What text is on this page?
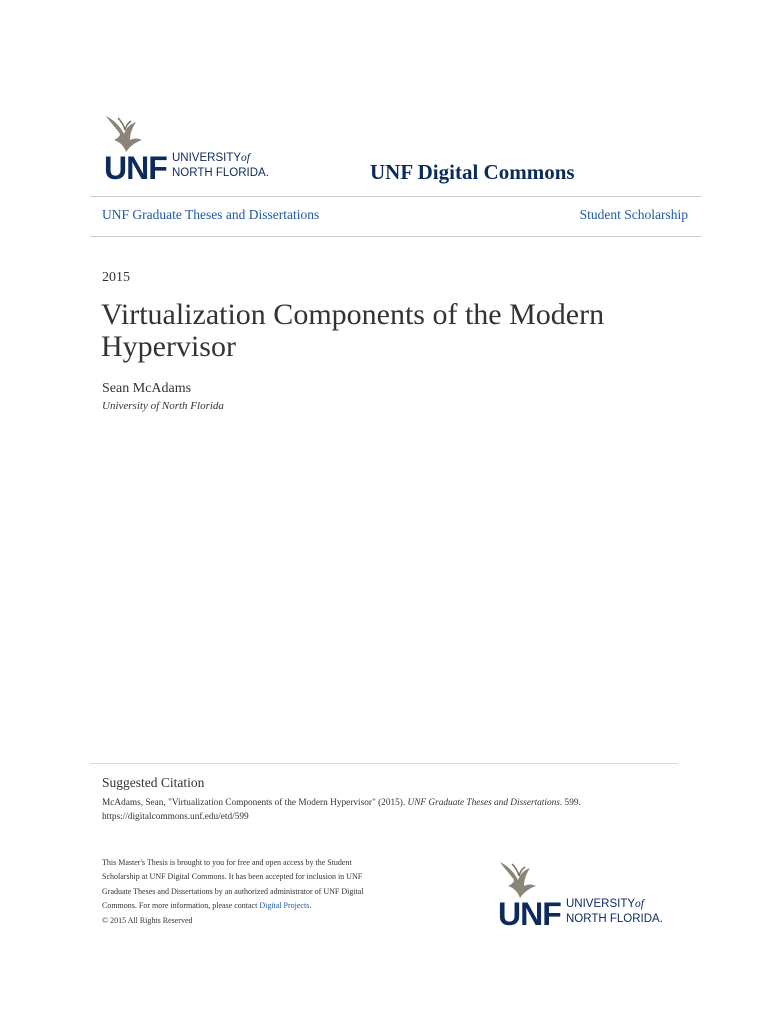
UNF UNIVERSITYof
NORTH FLORIDA.	UNF Digital Commons
UNF Graduate Theses and Dissertations	Student Scholarship
2015
Virtualization Components of the Modern Hypervisor
Sean McAdams
University of North Florida
Suggested Citation
McAdams, Sean, "Virtualization Components of the Modern Hypervisor" (2015). UNF Graduate Theses and Dissertations. 599.
https://digitalcommons.unf.edu/etd/599
This Master's Thesis is brought to you for free and open access by the Student Scholarship at UNF Digital Commons. It has been accepted for inclusion in UNF Graduate Theses and Dissertations by an authorized administrator of UNF Digital Commons. For more information, please contact Digital Projects.
© 2015 All Rights Reserved	UNF UNIVERSITYof
NORTH FLORIDA.
